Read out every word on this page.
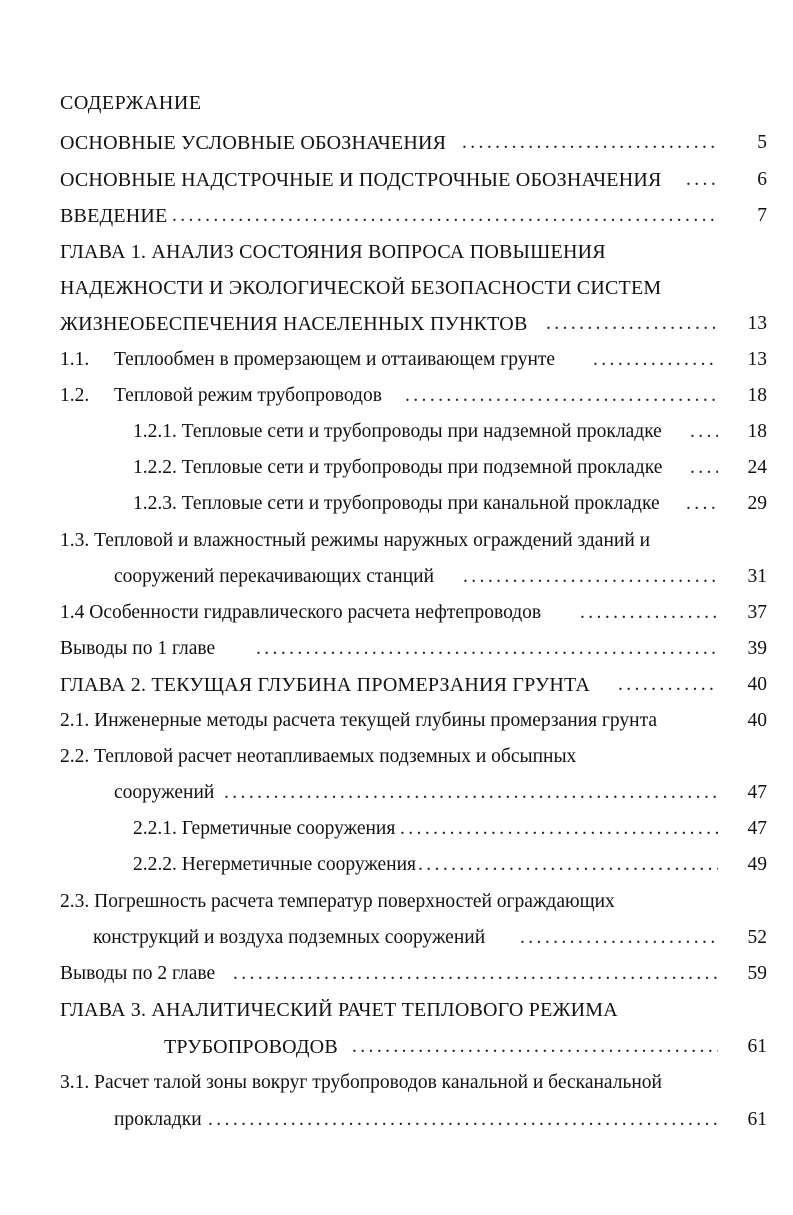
СОДЕРЖАНИЕ
ОСНОВНЫЕ УСЛОВНЫЕ ОБОЗНАЧЕНИЯ .....	5
ОСНОВНЫЕ НАДСТРОЧНЫЕ И ПОДСТРОЧНЫЕ ОБОЗНАЧЕНИЯ .....	6
ВВЕДЕНИЕ .....	7
ГЛАВА 1. АНАЛИЗ СОСТОЯНИЯ ВОПРОСА ПОВЫШЕНИЯ
НАДЕЖНОСТИ И ЭКОЛОГИЧЕСКОЙ БЕЗОПАСНОСТИ СИСТЕМ
ЖИЗНЕОБЕСПЕЧЕНИЯ НАСЕЛЕННЫХ ПУНКТОВ .....	13
1.1. Теплообмен в промерзающем и оттаивающем грунте .....	13
1.2. Тепловой режим трубопроводов .....	18
1.2.1. Тепловые сети и трубопроводы при надземной прокладке .....	18
1.2.2. Тепловые сети и трубопроводы при подземной прокладке .....	24
1.2.3. Тепловые сети и трубопроводы при канальной прокладке .....	29
1.3. Тепловой и влажностный режимы наружных ограждений зданий и
сооружений перекачивающих станций .....	31
1.4 Особенности гидравлического расчета нефтепроводов .....	37
Выводы по 1 главе .....	39
ГЛАВА 2. ТЕКУЩАЯ ГЛУБИНА ПРОМЕРЗАНИЯ ГРУНТА .....	40
2.1. Инженерные методы расчета текущей глубины промерзания грунта	40
2.2. Тепловой расчет неотапливаемых подземных и обсыпных
сооружений .....	47
2.2.1. Герметичные сооружения .....	47
2.2.2. Негерметичные сооружения .....	49
2.3. Погрешность расчета температур поверхностей ограждающих
конструкций и воздуха подземных сооружений .....	52
Выводы по 2 главе .....	59
ГЛАВА 3. АНАЛИТИЧЕСКИЙ РАЧЕТ ТЕПЛОВОГО РЕЖИМА
ТРУБОПРОВОДОВ .....	61
3.1. Расчет талой зоны вокруг трубопроводов канальной и бесканальной
прокладки .....	61
